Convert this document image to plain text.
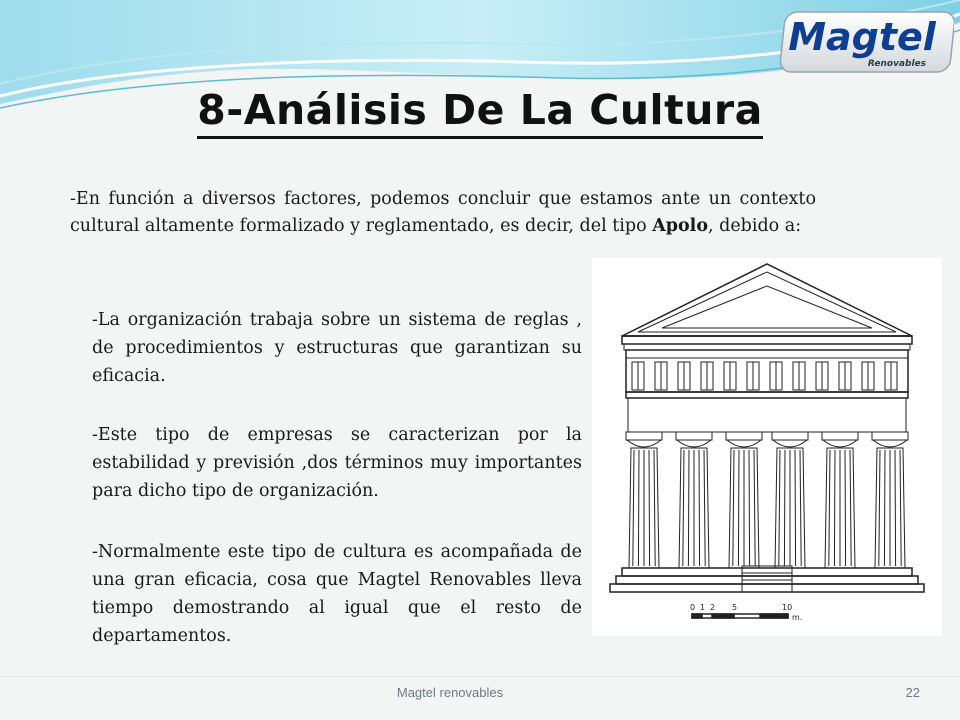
Magtel
Renovables
8-Análisis De La Cultura
-En función a diversos factores, podemos concluir que estamos ante un contexto cultural altamente formalizado y reglamentado, es decir, del tipo Apolo, debido a:
-La organización trabaja sobre un sistema de reglas , de procedimientos y estructuras que garantizan su eficacia.
-Este tipo de empresas se caracterizan por la estabilidad y previsión ,dos términos muy importantes para dicho tipo de organización.
-Normalmente este tipo de cultura es acompañada de una gran eficacia, cosa que Magtel Renovables lleva tiempo demostrando al igual que el resto de departamentos.
0 1 2 5	10
m.
Magtel renovables	22
